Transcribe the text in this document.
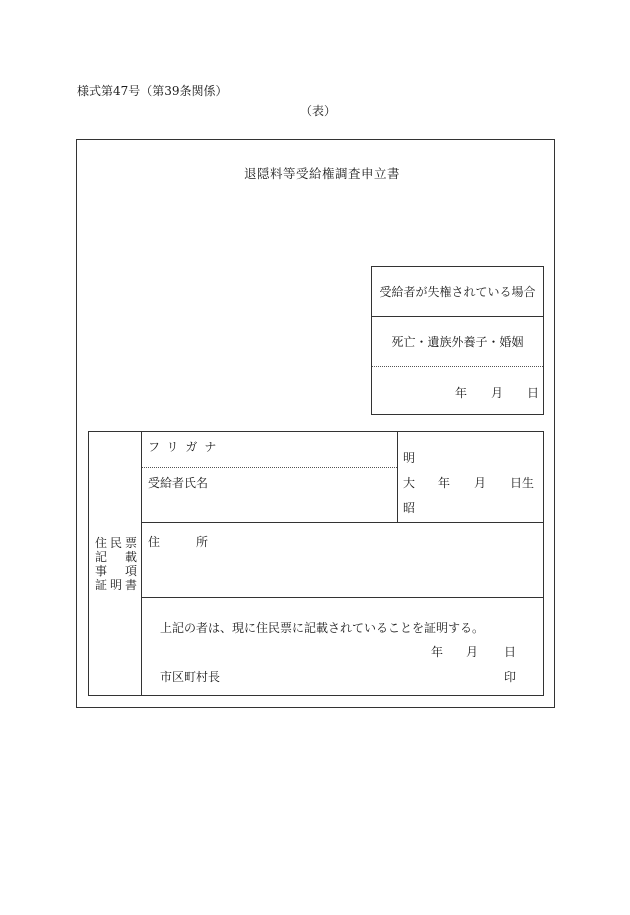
様式第47号（第39条関係）
（表）
退隠料等受給権調査申立書
受給者が失権されている場合
死亡・遺族外養子・婚姻
年 月 日
住民票
記　載
事　項
証明書
フリガナ
受給者氏名
明
大
昭
年 月 日生
住	所
上記の者は、現に住民票に記載されていることを証明する。
年 月 日
市区町村長	印
